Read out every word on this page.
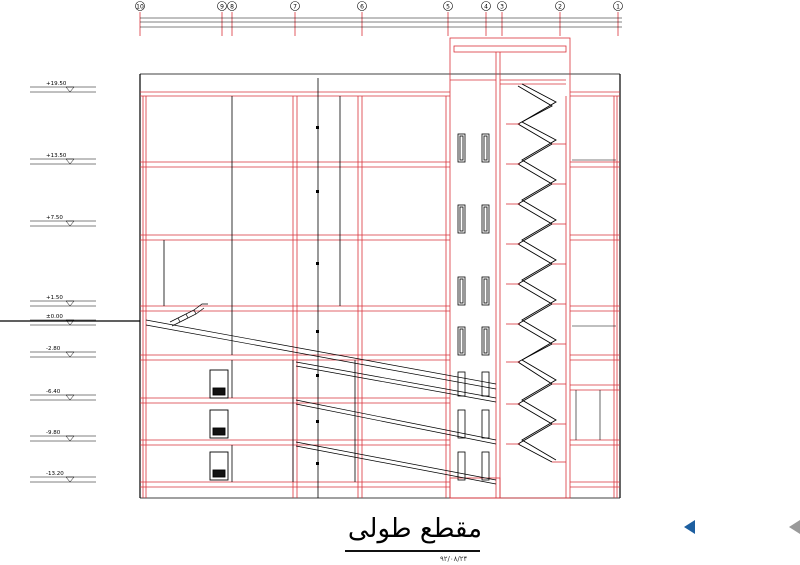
10	9 8	7	6	5	4 3	2	1
+19.50
+13.50
+7.50
+1.50
±0.00
-2.80
-6.40
-9.80
-13.20
مقطع طولی
۹۲/۰۸/۲۴
